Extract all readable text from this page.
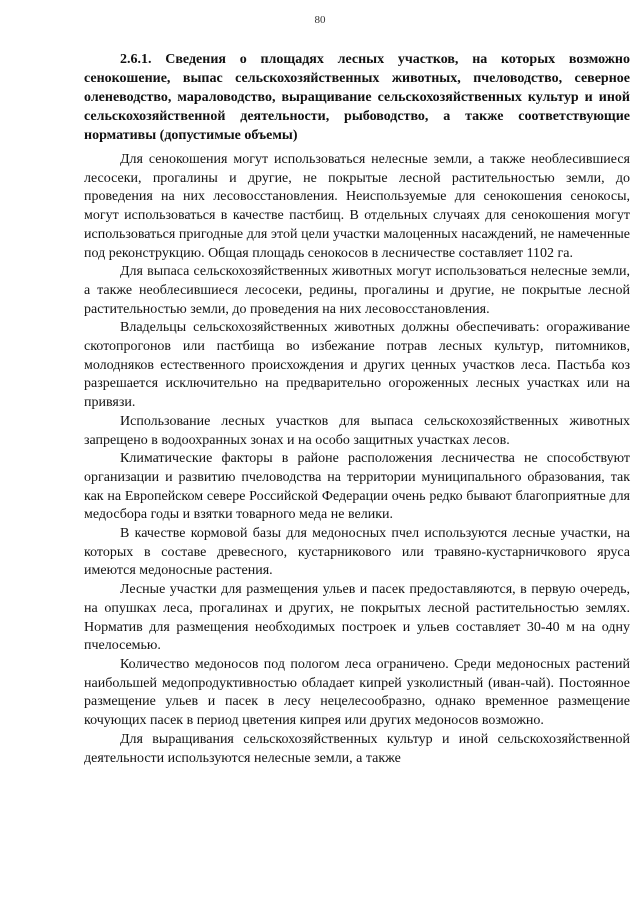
80

2.6.1. Сведения о площадях лесных участков, на которых возможно сенокошение, выпас сельскохозяйственных животных, пчеловодство, северное оленеводство, мараловодство, выращивание сельскохозяйственных культур и иной сельскохозяйственной деятельности, рыбоводство, а также соответствующие нормативы (допустимые объемы)

Для сенокошения могут использоваться нелесные земли, а также необлесившиеся лесосеки, прогалины и другие, не покрытые лесной растительностью земли, до проведения на них лесовосстановления. Неиспользуемые для сенокошения сенокосы, могут использоваться в качестве пастбищ. В отдельных случаях для сенокошения могут использоваться пригодные для этой цели участки малоценных насаждений, не намеченные под реконструкцию. Общая площадь сенокосов в лесничестве составляет 1102 га.

Для выпаса сельскохозяйственных животных могут использоваться нелесные земли, а также необлесившиеся лесосеки, редины, прогалины и другие, не покрытые лесной растительностью земли, до проведения на них лесовосстановления.

Владельцы сельскохозяйственных животных должны обеспечивать: огораживание скотопрогонов или пастбища во избежание потрав лесных культур, питомников, молодняков естественного происхождения и других ценных участков леса. Пастьба коз разрешается исключительно на предварительно огороженных лесных участках или на привязи.

Использование лесных участков для выпаса сельскохозяйственных животных запрещено в водоохранных зонах и на особо защитных участках лесов.

Климатические факторы в районе расположения лесничества не способствуют организации и развитию пчеловодства на территории муниципального образования, так как на Европейском севере Российской Федерации очень редко бывают благоприятные для медосбора годы и взятки товарного меда не велики.

В качестве кормовой базы для медоносных пчел используются лесные участки, на которых в составе древесного, кустарникового или травяно-кустарничкового яруса имеются медоносные растения.

Лесные участки для размещения ульев и пасек предоставляются, в первую очередь, на опушках леса, прогалинах и других, не покрытых лесной растительностью землях. Норматив для размещения необходимых построек и ульев составляет 30-40 м на одну пчелосемью.

Количество медоносов под пологом леса ограничено. Среди медоносных растений наибольшей медопродуктивностью обладает кипрей узколистный (иван-чай). Постоянное размещение ульев и пасек в лесу нецелесообразно, однако временное размещение кочующих пасек в период цветения кипрея или других медоносов возможно.

Для выращивания сельскохозяйственных культур и иной сельскохозяйственной деятельности используются нелесные земли, а также
